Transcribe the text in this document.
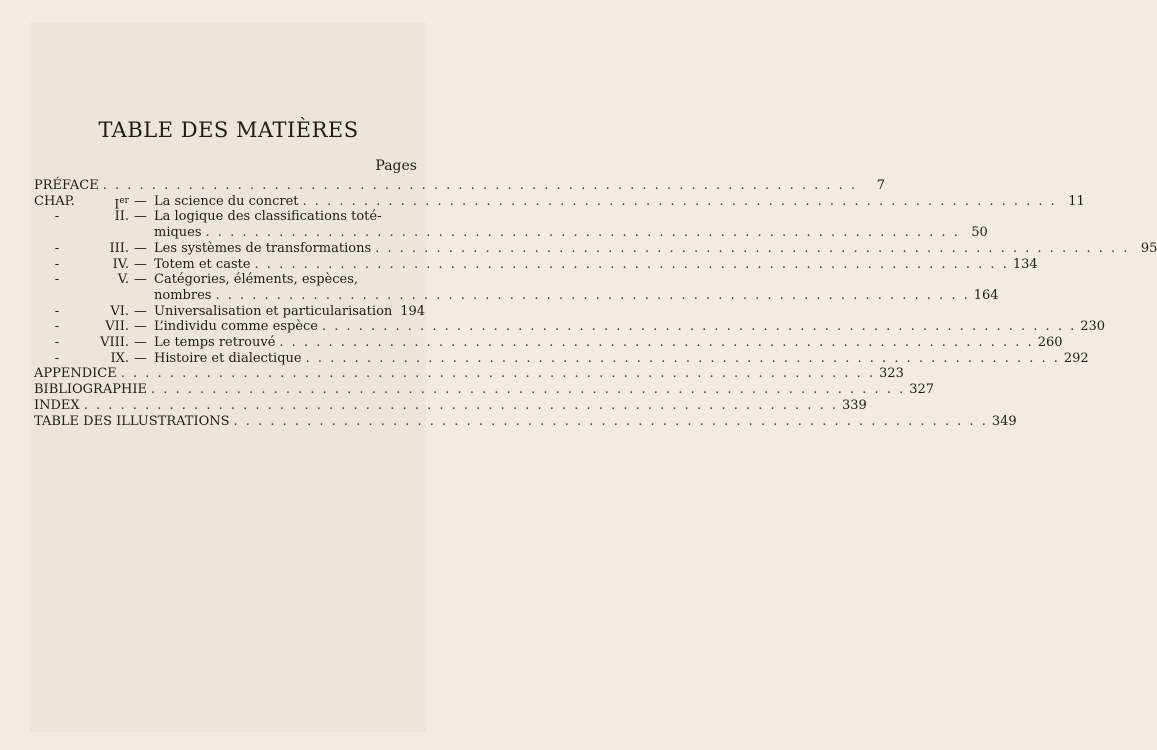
TABLE DES MATIÈRES
Pages
PRÉFACE . . . . . . . . . . . . . . . . . . . . . . . . . . . . . . . . . . . . . . . . . . . . . . . . . . . . . . . . . . . . . .	7
CHAP.	Ier — La science du concret . . . . . . . . . . . . . . . . . . . . . . . . . . . . . . . . . . . . . . . . . . . . . . . . . . . . . . . . . . . . . . 11
-	II. — La logique des classifications toté-
miques . . . . . . . . . . . . . . . . . . . . . . . . . . . . . . . . . . . . . . . . . . . . . . . . . . . . . . . . . . . . . . 50
-	III. — Les systèmes de transformations . . . . . . . . . . . . . . . . . . . . . . . . . . . . . . . . . . . . . . . . . . . . . . . . . . . . . . . . . . . . . . 95
-	IV. — Totem et caste . . . . . . . . . . . . . . . . . . . . . . . . . . . . . . . . . . . . . . . . . . . . . . . . . . . . . . . . . . . . . . 134
-	V. — Catégories, éléments, espèces,
nombres . . . . . . . . . . . . . . . . . . . . . . . . . . . . . . . . . . . . . . . . . . . . . . . . . . . . . . . . . . . . . . 164
-	VI. — Universalisation et particularisation 194
-	VII. — L’individu comme espèce . . . . . . . . . . . . . . . . . . . . . . . . . . . . . . . . . . . . . . . . . . . . . . . . . . . . . . . . . . . . . . 230
-	VIII. — Le temps retrouvé . . . . . . . . . . . . . . . . . . . . . . . . . . . . . . . . . . . . . . . . . . . . . . . . . . . . . . . . . . . . . . 260
-	IX. — Histoire et dialectique . . . . . . . . . . . . . . . . . . . . . . . . . . . . . . . . . . . . . . . . . . . . . . . . . . . . . . . . . . . . . . 292
APPENDICE . . . . . . . . . . . . . . . . . . . . . . . . . . . . . . . . . . . . . . . . . . . . . . . . . . . . . . . . . . . . . . 323
BIBLIOGRAPHIE . . . . . . . . . . . . . . . . . . . . . . . . . . . . . . . . . . . . . . . . . . . . . . . . . . . . . . . . . . . . . . 327
INDEX . . . . . . . . . . . . . . . . . . . . . . . . . . . . . . . . . . . . . . . . . . . . . . . . . . . . . . . . . . . . . . 339
TABLE DES ILLUSTRATIONS . . . . . . . . . . . . . . . . . . . . . . . . . . . . . . . . . . . . . . . . . . . . . . . . . . . . . . . . . . . . . . 349
